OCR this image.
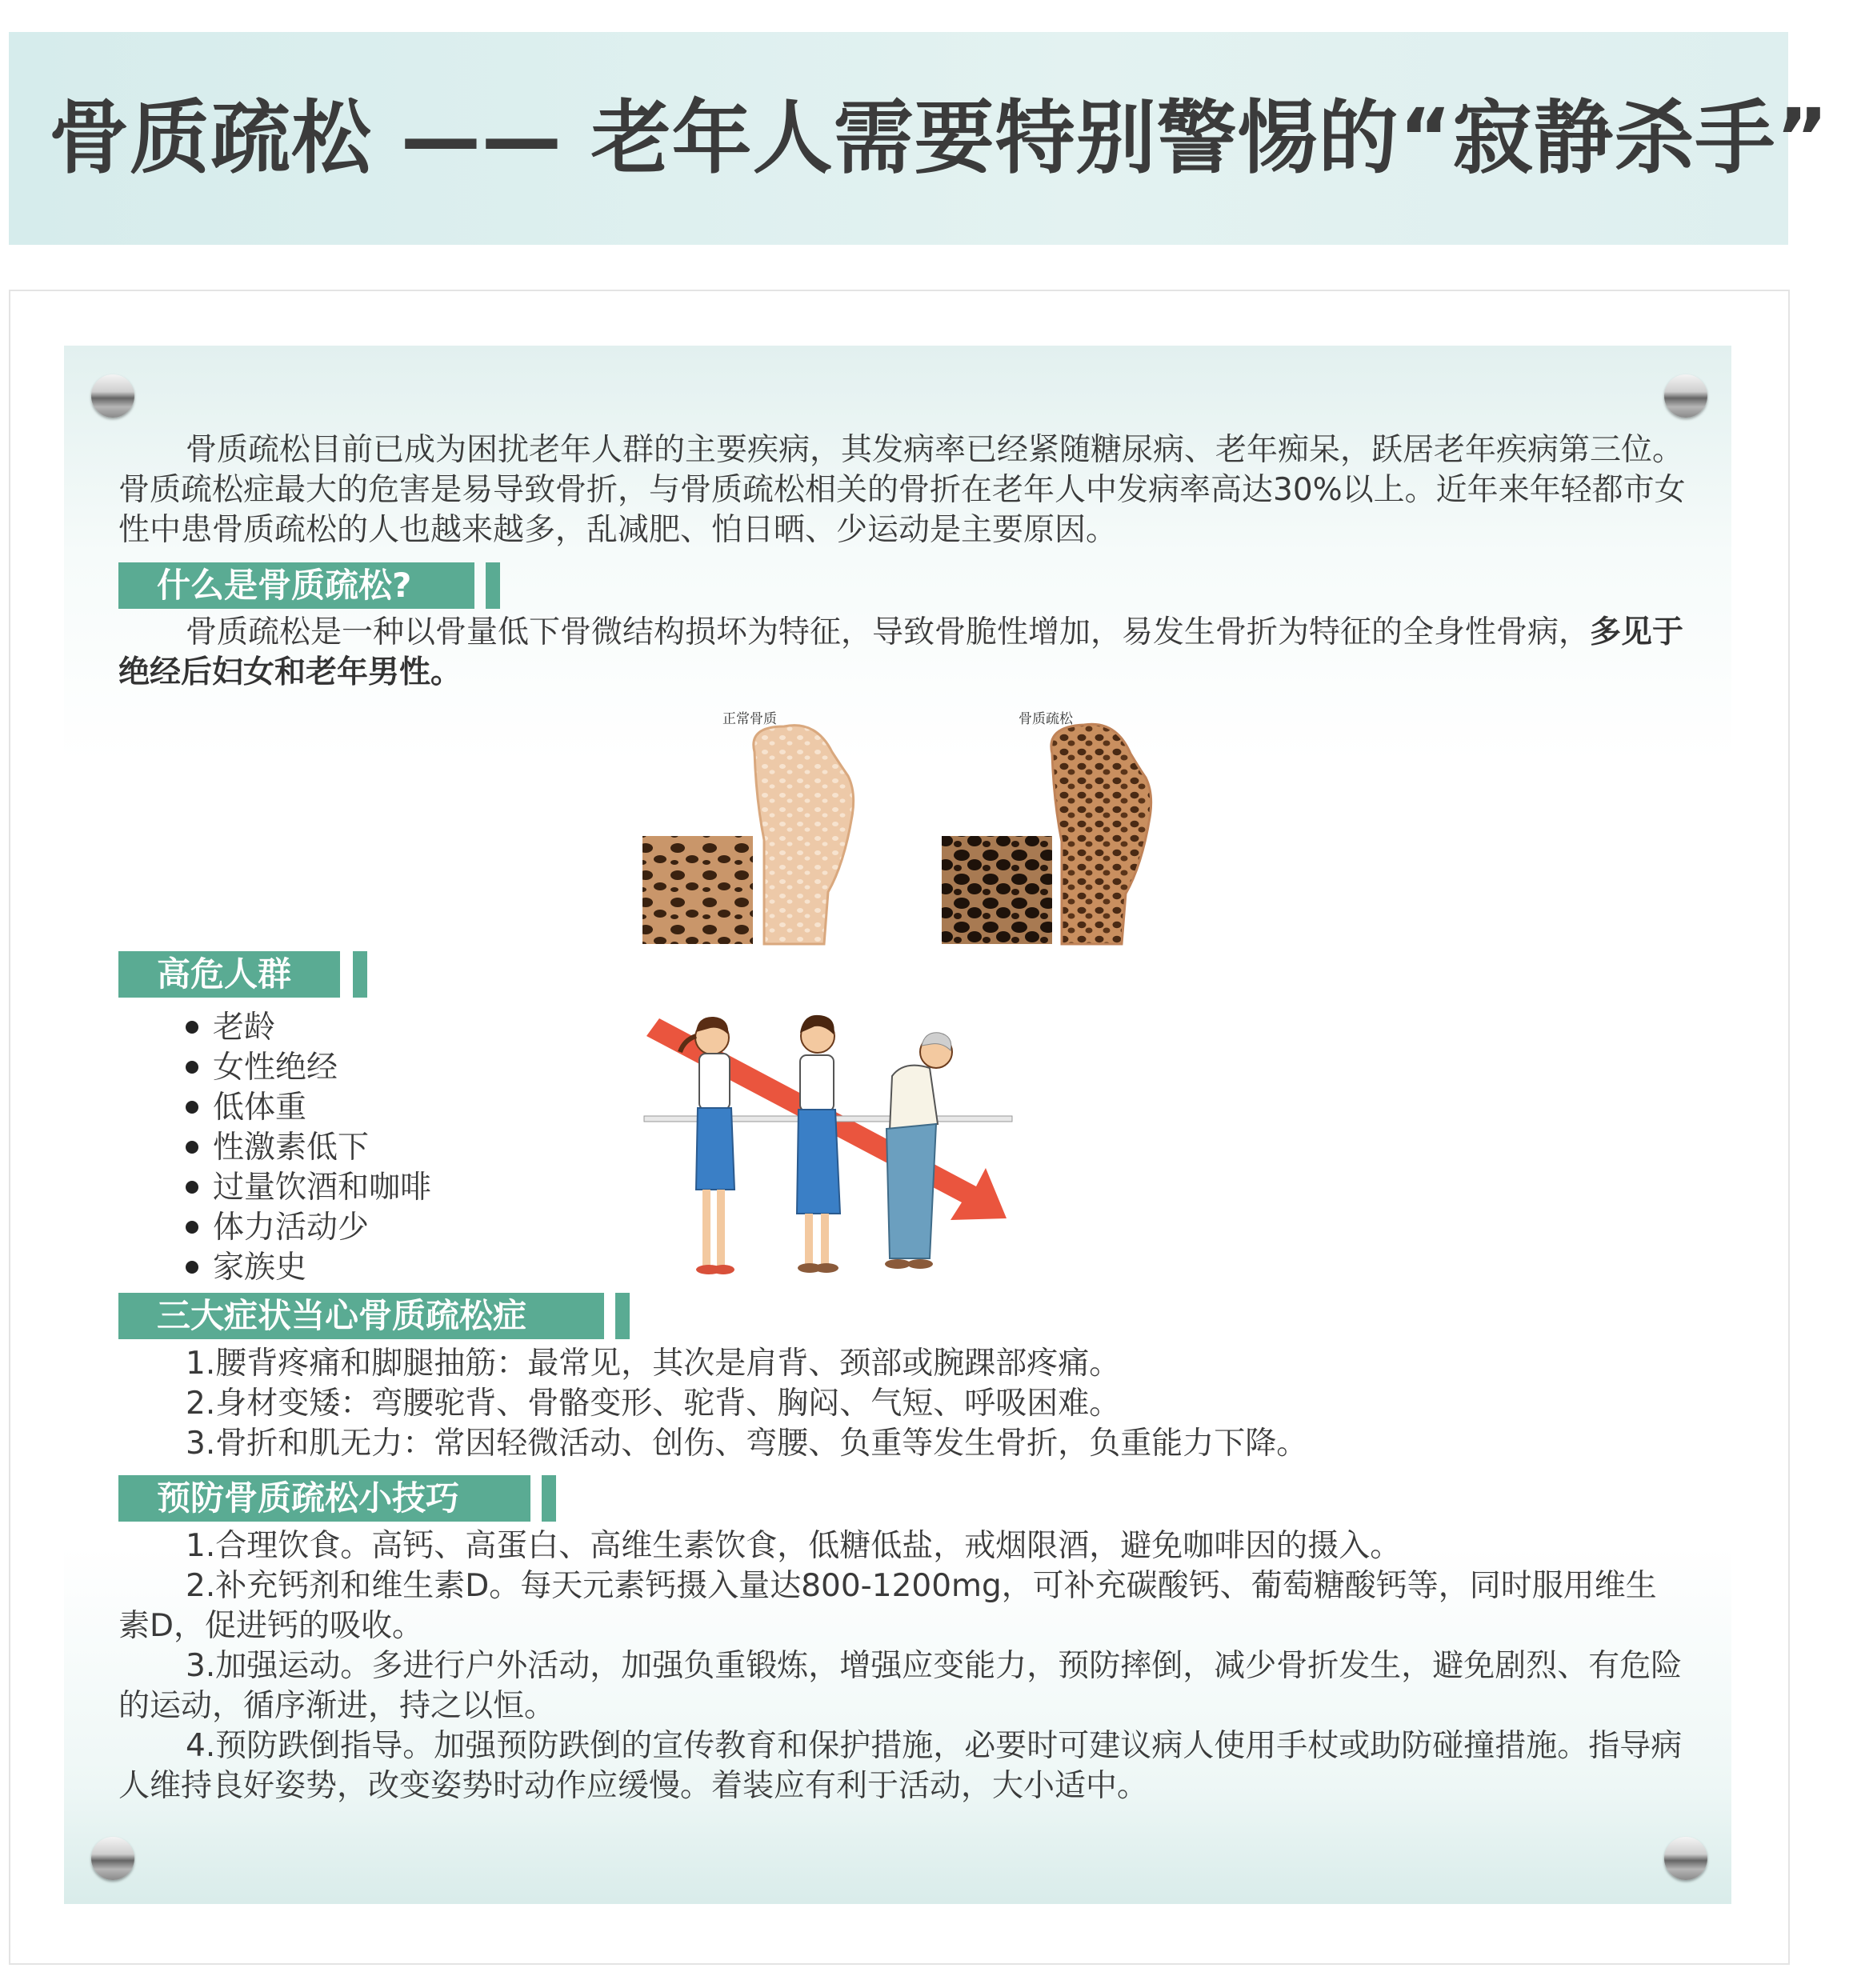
骨质疏松 —— 老年人需要特别警惕的“寂静杀手”

骨质疏松目前已成为困扰老年人群的主要疾病，其发病率已经紧随糖尿病、老年痴呆，跃居老年疾病第三位。骨质疏松症最大的危害是易导致骨折，与骨质疏松相关的骨折在老年人中发病率高达30%以上。近年来年轻都市女性中患骨质疏松的人也越来越多，乱减肥、怕日晒、少运动是主要原因。

什么是骨质疏松?

骨质疏松是一种以骨量低下骨微结构损坏为特征，导致骨脆性增加，易发生骨折为特征的全身性骨病，多见于绝经后妇女和老年男性。

正常骨质	骨质疏松
高危人群
老龄
女性绝经
低体重
性激素低下
过量饮酒和咖啡
体力活动少
家族史
三大症状当心骨质疏松症

1.腰背疼痛和脚腿抽筋：最常见，其次是肩背、颈部或腕踝部疼痛。

2.身材变矮：弯腰驼背、骨骼变形、驼背、胸闷、气短、呼吸困难。

3.骨折和肌无力：常因轻微活动、创伤、弯腰、负重等发生骨折，负重能力下降。

预防骨质疏松小技巧

1.合理饮食。高钙、高蛋白、高维生素饮食，低糖低盐，戒烟限酒，避免咖啡因的摄入。

2.补充钙剂和维生素D。每天元素钙摄入量达800-1200mg，可补充碳酸钙、葡萄糖酸钙等，同时服用维生素D，促进钙的吸收。

3.加强运动。多进行户外活动，加强负重锻炼，增强应变能力，预防摔倒，减少骨折发生，避免剧烈、有危险的运动，循序渐进，持之以恒。

4.预防跌倒指导。加强预防跌倒的宣传教育和保护措施，必要时可建议病人使用手杖或助防碰撞措施。指导病人维持良好姿势，改变姿势时动作应缓慢。着装应有利于活动，大小适中。
